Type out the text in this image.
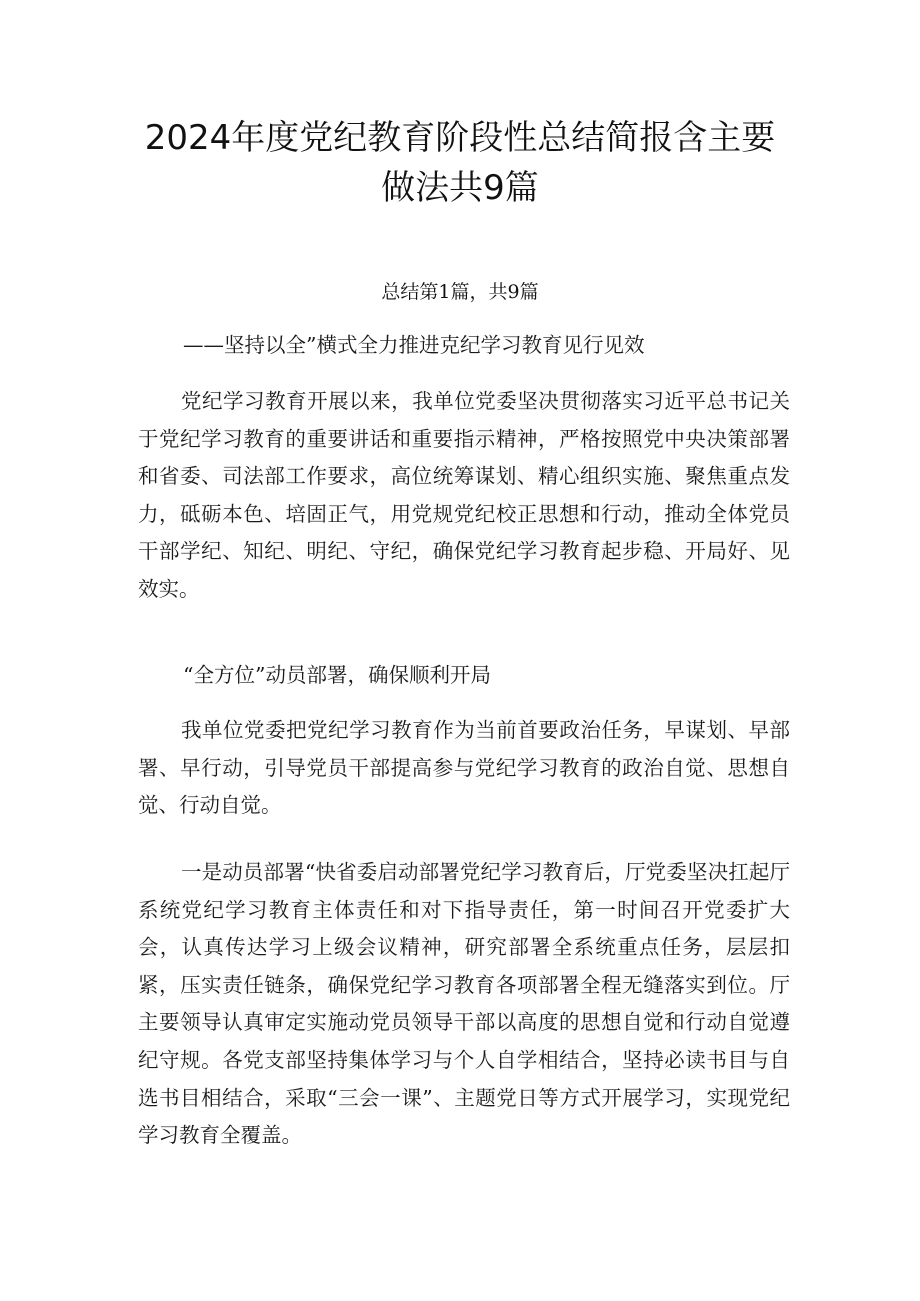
2024年度党纪教育阶段性总结简报含主要
做法共9篇
总结第1篇，共9篇
——坚持以全”横式全力推进克纪学习教育见行见效

党纪学习教育开展以来，我单位党委坚决贯彻落实习近平总书记关于党纪学习教育的重要讲话和重要指示精神，严格按照党中央决策部署和省委、司法部工作要求，高位统筹谋划、精心组织实施、聚焦重点发力，砥砺本色、培固正气，用党规党纪校正思想和行动，推动全体党员干部学纪、知纪、明纪、守纪，确保党纪学习教育起步稳、开局好、见效实。

“全方位”动员部署，确保顺利开局

我单位党委把党纪学习教育作为当前首要政治任务，早谋划、早部署、早行动，引导党员干部提高参与党纪学习教育的政治自觉、思想自觉、行动自觉。

一是动员部署“快省委启动部署党纪学习教育后，厅党委坚决扛起厅系统党纪学习教育主体责任和对下指导责任，第一时间召开党委扩大会，认真传达学习上级会议精神，研究部署全系统重点任务，层层扣紧，压实责任链条，确保党纪学习教育各项部署全程无缝落实到位。厅主要领导认真审定实施动党员领导干部以高度的思想自觉和行动自觉遵纪守规。各党支部坚持集体学习与个人自学相结合，坚持必读书目与自选书目相结合，采取“三会一课”、主题党日等方式开展学习，实现党纪学习教育全覆盖。
